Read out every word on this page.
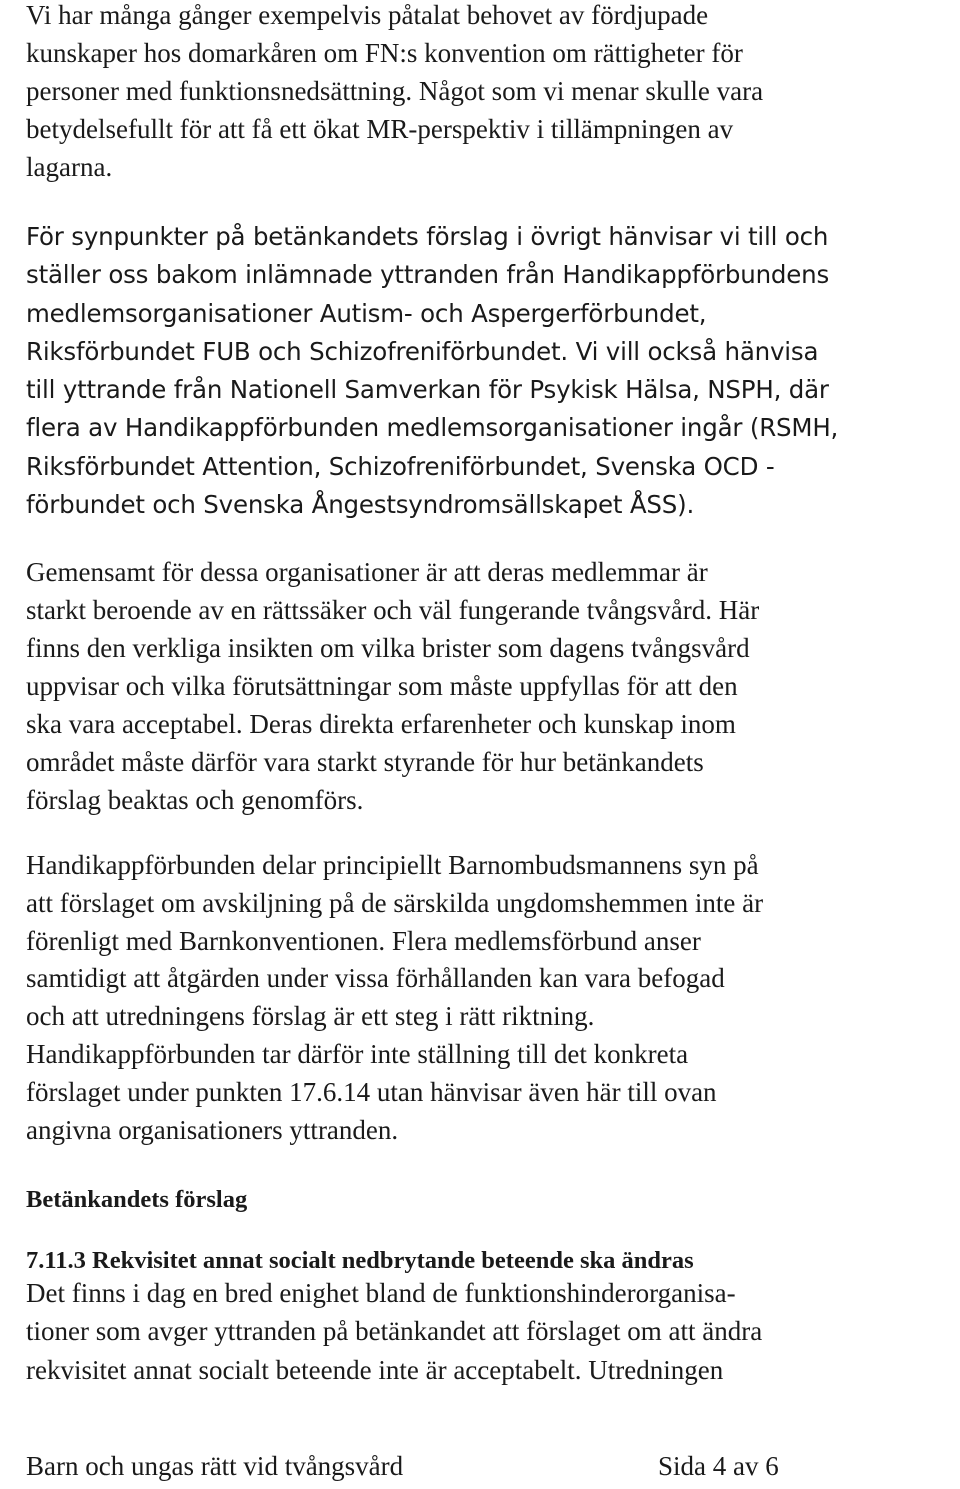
Vi har många gånger exempelvis påtalat behovet av fördjupade
kunskaper hos domarkåren om FN:s konvention om rättigheter för
personer med funktionsnedsättning. Något som vi menar skulle vara
betydelsefullt för att få ett ökat MR-perspektiv i tillämpningen av
lagarna.
För synpunkter på betänkandets förslag i övrigt hänvisar vi till och
ställer oss bakom inlämnade yttranden från Handikappförbundens
medlemsorganisationer Autism- och Aspergerförbundet,
Riksförbundet FUB och Schizofreniförbundet. Vi vill också hänvisa
till yttrande från Nationell Samverkan för Psykisk Hälsa, NSPH, där
flera av Handikappförbunden medlemsorganisationer ingår (RSMH,
Riksförbundet Attention, Schizofreniförbundet, Svenska OCD -
förbundet och Svenska Ångestsyndromsällskapet ÅSS).
Gemensamt för dessa organisationer är att deras medlemmar är
starkt beroende av en rättssäker och väl fungerande tvångsvård. Här
finns den verkliga insikten om vilka brister som dagens tvångsvård
uppvisar och vilka förutsättningar som måste uppfyllas för att den
ska vara acceptabel. Deras direkta erfarenheter och kunskap inom
området måste därför vara starkt styrande för hur betänkandets
förslag beaktas och genomförs.
Handikappförbunden delar principiellt Barnombudsmannens syn på
att förslaget om avskiljning på de särskilda ungdomshemmen inte är
förenligt med Barnkonventionen. Flera medlemsförbund anser
samtidigt att åtgärden under vissa förhållanden kan vara befogad
och att utredningens förslag är ett steg i rätt riktning.
Handikappförbunden tar därför inte ställning till det konkreta
förslaget under punkten 17.6.14 utan hänvisar även här till ovan
angivna organisationers yttranden.
Betänkandets förslag
7.11.3 Rekvisitet annat socialt nedbrytande beteende ska ändras
Det finns i dag en bred enighet bland de funktionshinderorganisa-
tioner som avger yttranden på betänkandet att förslaget om att ändra
rekvisitet annat socialt beteende inte är acceptabelt. Utredningen
Barn och ungas rätt vid tvångsvård	Sida 4 av 6
